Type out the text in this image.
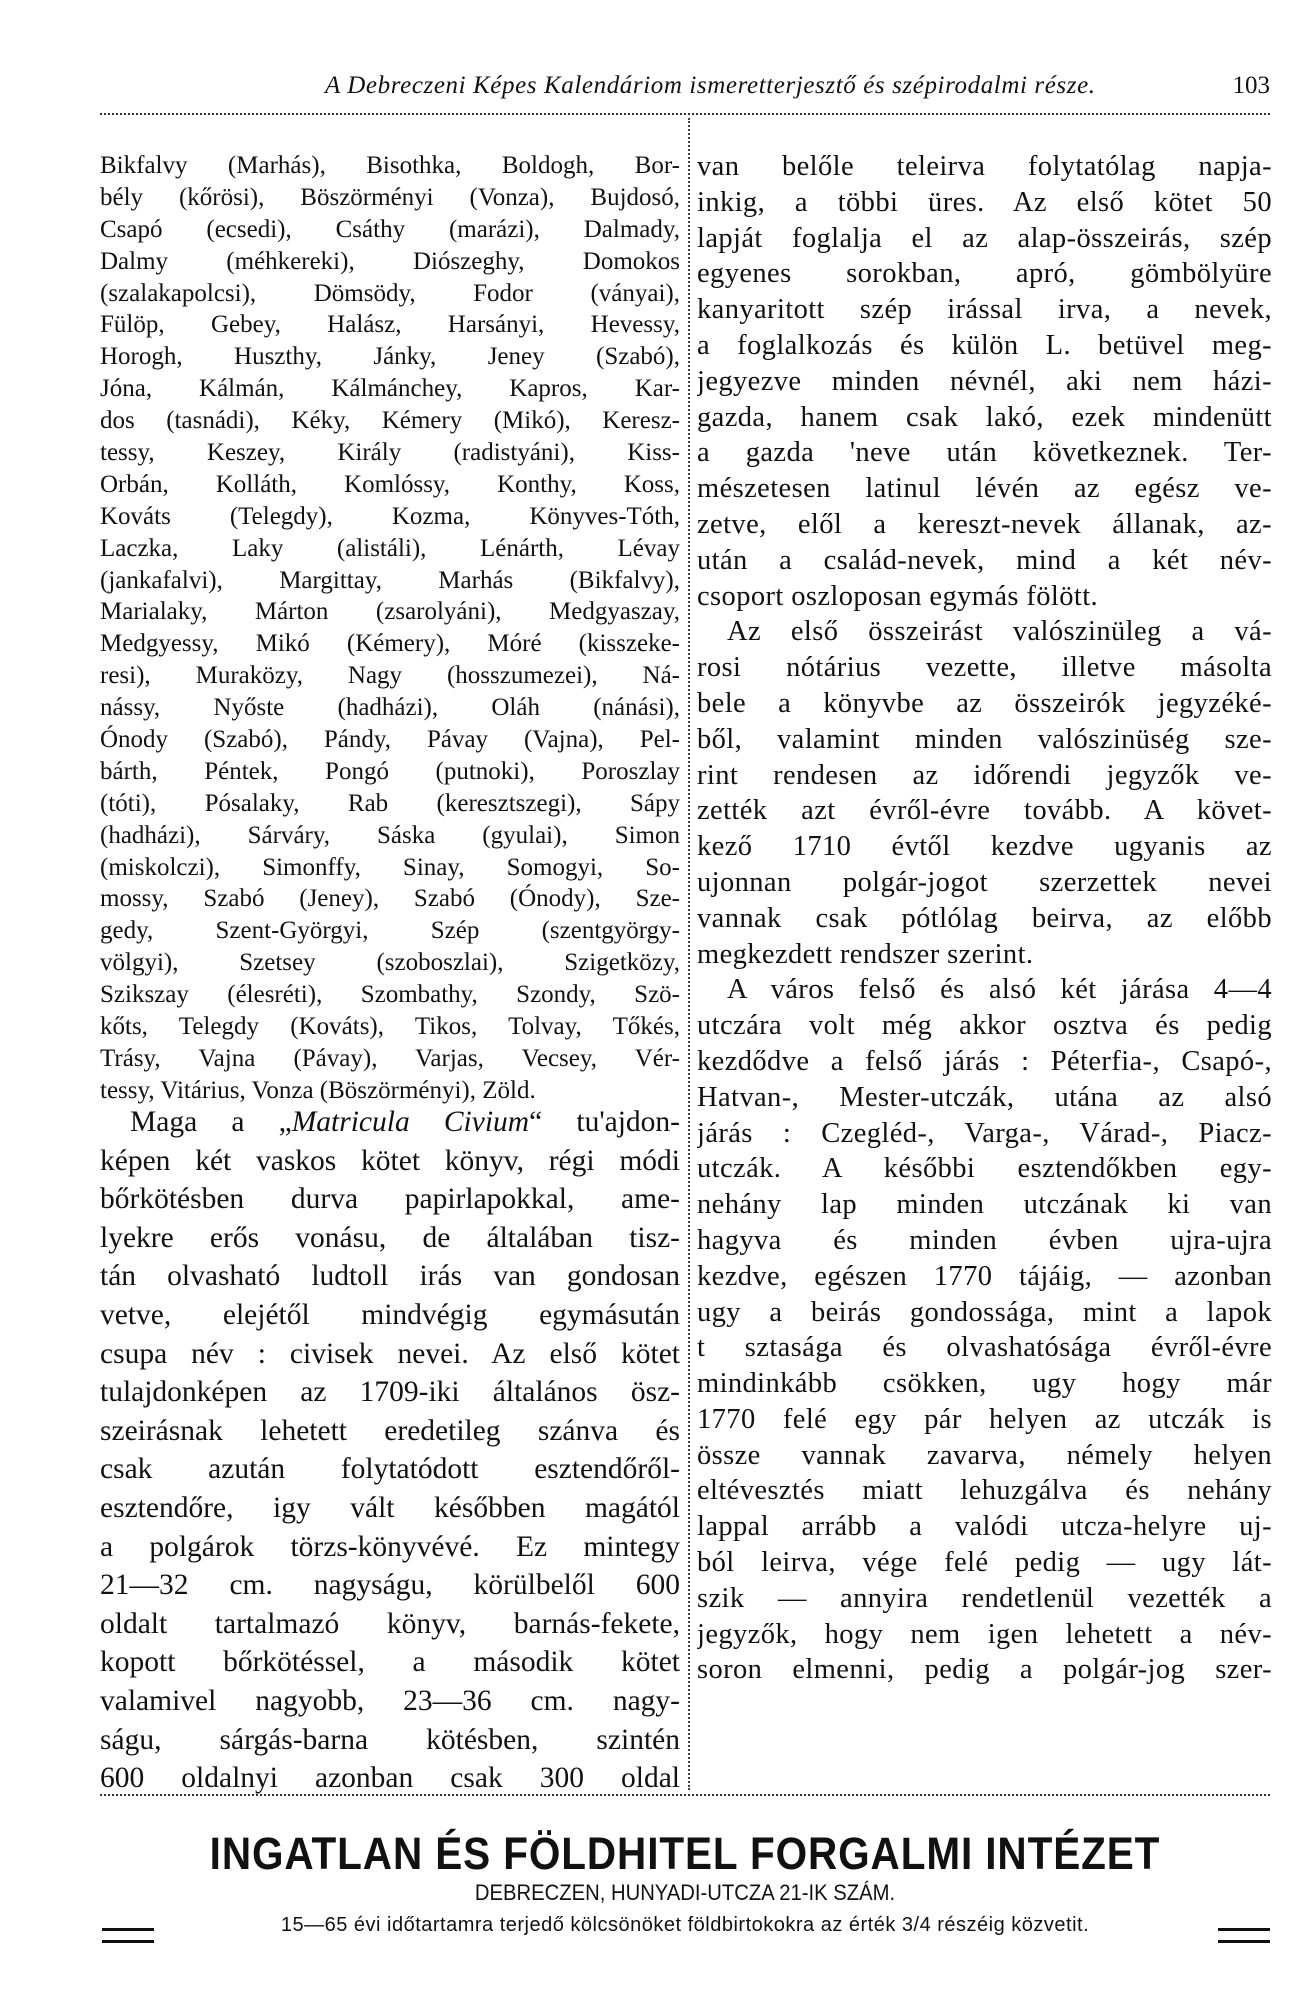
A Debreczeni Képes Kalendáriom ismeretterjesztő és szépirodalmi része.	103
Bikfalvy (Marhás), Bisothka, Boldogh, Bor-
bély (kőrösi), Böszörményi (Vonza), Bujdosó,
Csapó (ecsedi), Csáthy (marázi), Dalmady,
Dalmy (méhkereki), Diószeghy, Domokos
(szalakapolcsi), Dömsödy, Fodor (ványai),
Fülöp, Gebey, Halász, Harsányi, Hevessy,
Horogh, Huszthy, Jánky, Jeney (Szabó),
Jóna, Kálmán, Kálmánchey, Kapros, Kar-
dos (tasnádi), Kéky, Kémery (Mikó), Keresz-
tessy, Keszey, Király (radistyáni), Kiss-
Orbán, Kolláth, Komlóssy, Konthy, Koss,
Kováts (Telegdy), Kozma, Könyves-Tóth,
Laczka, Laky (alistáli), Lénárth, Lévay
(jankafalvi), Margittay, Marhás (Bikfalvy),
Marialaky, Márton (zsarolyáni), Medgyaszay,
Medgyessy, Mikó (Kémery), Móré (kisszeke-
resi), Muraközy, Nagy (hosszumezei), Ná-
nássy, Nyőste (hadházi), Oláh (nánási),
Ónody (Szabó), Pándy, Pávay (Vajna), Pel-
bárth, Péntek, Pongó (putnoki), Poroszlay
(tóti), Pósalaky, Rab (keresztszegi), Sápy
(hadházi), Sárváry, Sáska (gyulai), Simon
(miskolczi), Simonffy, Sinay, Somogyi, So-
mossy, Szabó (Jeney), Szabó (Ónody), Sze-
gedy, Szent-Györgyi, Szép (szentgyörgy-
völgyi), Szetsey (szoboszlai), Szigetközy,
Szikszay (élesréti), Szombathy, Szondy, Szö-
kőts, Telegdy (Kováts), Tikos, Tolvay, Tőkés,
Trásy, Vajna (Pávay), Varjas, Vecsey, Vér-
tessy, Vitárius, Vonza (Böszörményi), Zöld.
Maga a „Matricula Civium“ tu'ajdon-
képen két vaskos kötet könyv, régi módi
bőrkötésben durva papirlapokkal, ame-
lyekre erős vonásu, de általában tisz-
tán olvasható ludtoll irás van gondosan
vetve, elejétől mindvégig egymásután
csupa név : civisek nevei. Az első kötet
tulajdonképen az 1709-iki általános ösz-
szeirásnak lehetett eredetileg szánva és
csak azután folytatódott esztendőről-
esztendőre, igy vált későbben magától
a polgárok törzs-könyvévé. Ez mintegy
21—32 cm. nagyságu, körülbelől 600
oldalt tartalmazó könyv, barnás-fekete,
kopott bőrkötéssel, a második kötet
valamivel nagyobb, 23—36 cm. nagy-
ságu, sárgás-barna kötésben, szintén
600 oldalnyi azonban csak 300 oldal
van belőle teleirva folytatólag napja-
inkig, a többi üres. Az első kötet 50
lapját foglalja el az alap-összeirás, szép
egyenes sorokban, apró, gömbölyüre
kanyaritott szép irással irva, a nevek,
a foglalkozás és külön L. betüvel meg-
jegyezve minden névnél, aki nem házi-
gazda, hanem csak lakó, ezek mindenütt
a gazda 'neve után következnek. Ter-
mészetesen latinul lévén az egész ve-
zetve, elől a kereszt-nevek állanak, az-
után a család-nevek, mind a két név-
csoport oszloposan egymás fölött.
Az első összeirást valószinüleg a vá-
rosi nótárius vezette, illetve másolta
bele a könyvbe az összeirók jegyzéké-
ből, valamint minden valószinüség sze-
rint rendesen az időrendi jegyzők ve-
zették azt évről-évre tovább. A követ-
kező 1710 évtől kezdve ugyanis az
ujonnan polgár-jogot szerzettek nevei
vannak csak pótlólag beirva, az előbb
megkezdett rendszer szerint.
A város felső és alsó két járása 4—4
utczára volt még akkor osztva és pedig
kezdődve a felső járás : Péterfia-, Csapó-,
Hatvan-, Mester-utczák, utána az alsó
járás : Czegléd-, Varga-, Várad-, Piacz-
utczák. A későbbi esztendőkben egy-
nehány lap minden utczának ki van
hagyva és minden évben ujra-ujra
kezdve, egészen 1770 tájáig, — azonban
ugy a beirás gondossága, mint a lapok
t sztasága és olvashatósága évről-évre
mindinkább csökken, ugy hogy már
1770 felé egy pár helyen az utczák is
össze vannak zavarva, némely helyen
eltévesztés miatt lehuzgálva és nehány
lappal arrább a valódi utcza-helyre uj-
ból leirva, vége felé pedig — ugy lát-
szik — annyira rendetlenül vezették a
jegyzők, hogy nem igen lehetett a név-
soron elmenni, pedig a polgár-jog szer-
INGATLAN ÉS FÖLDHITEL FORGALMI INTÉZET
DEBRECZEN, HUNYADI-UTCZA 21-IK SZÁM.
15—65 évi időtartamra terjedő kölcsönöket földbirtokokra az érték 3/4 részéig közvetit.
